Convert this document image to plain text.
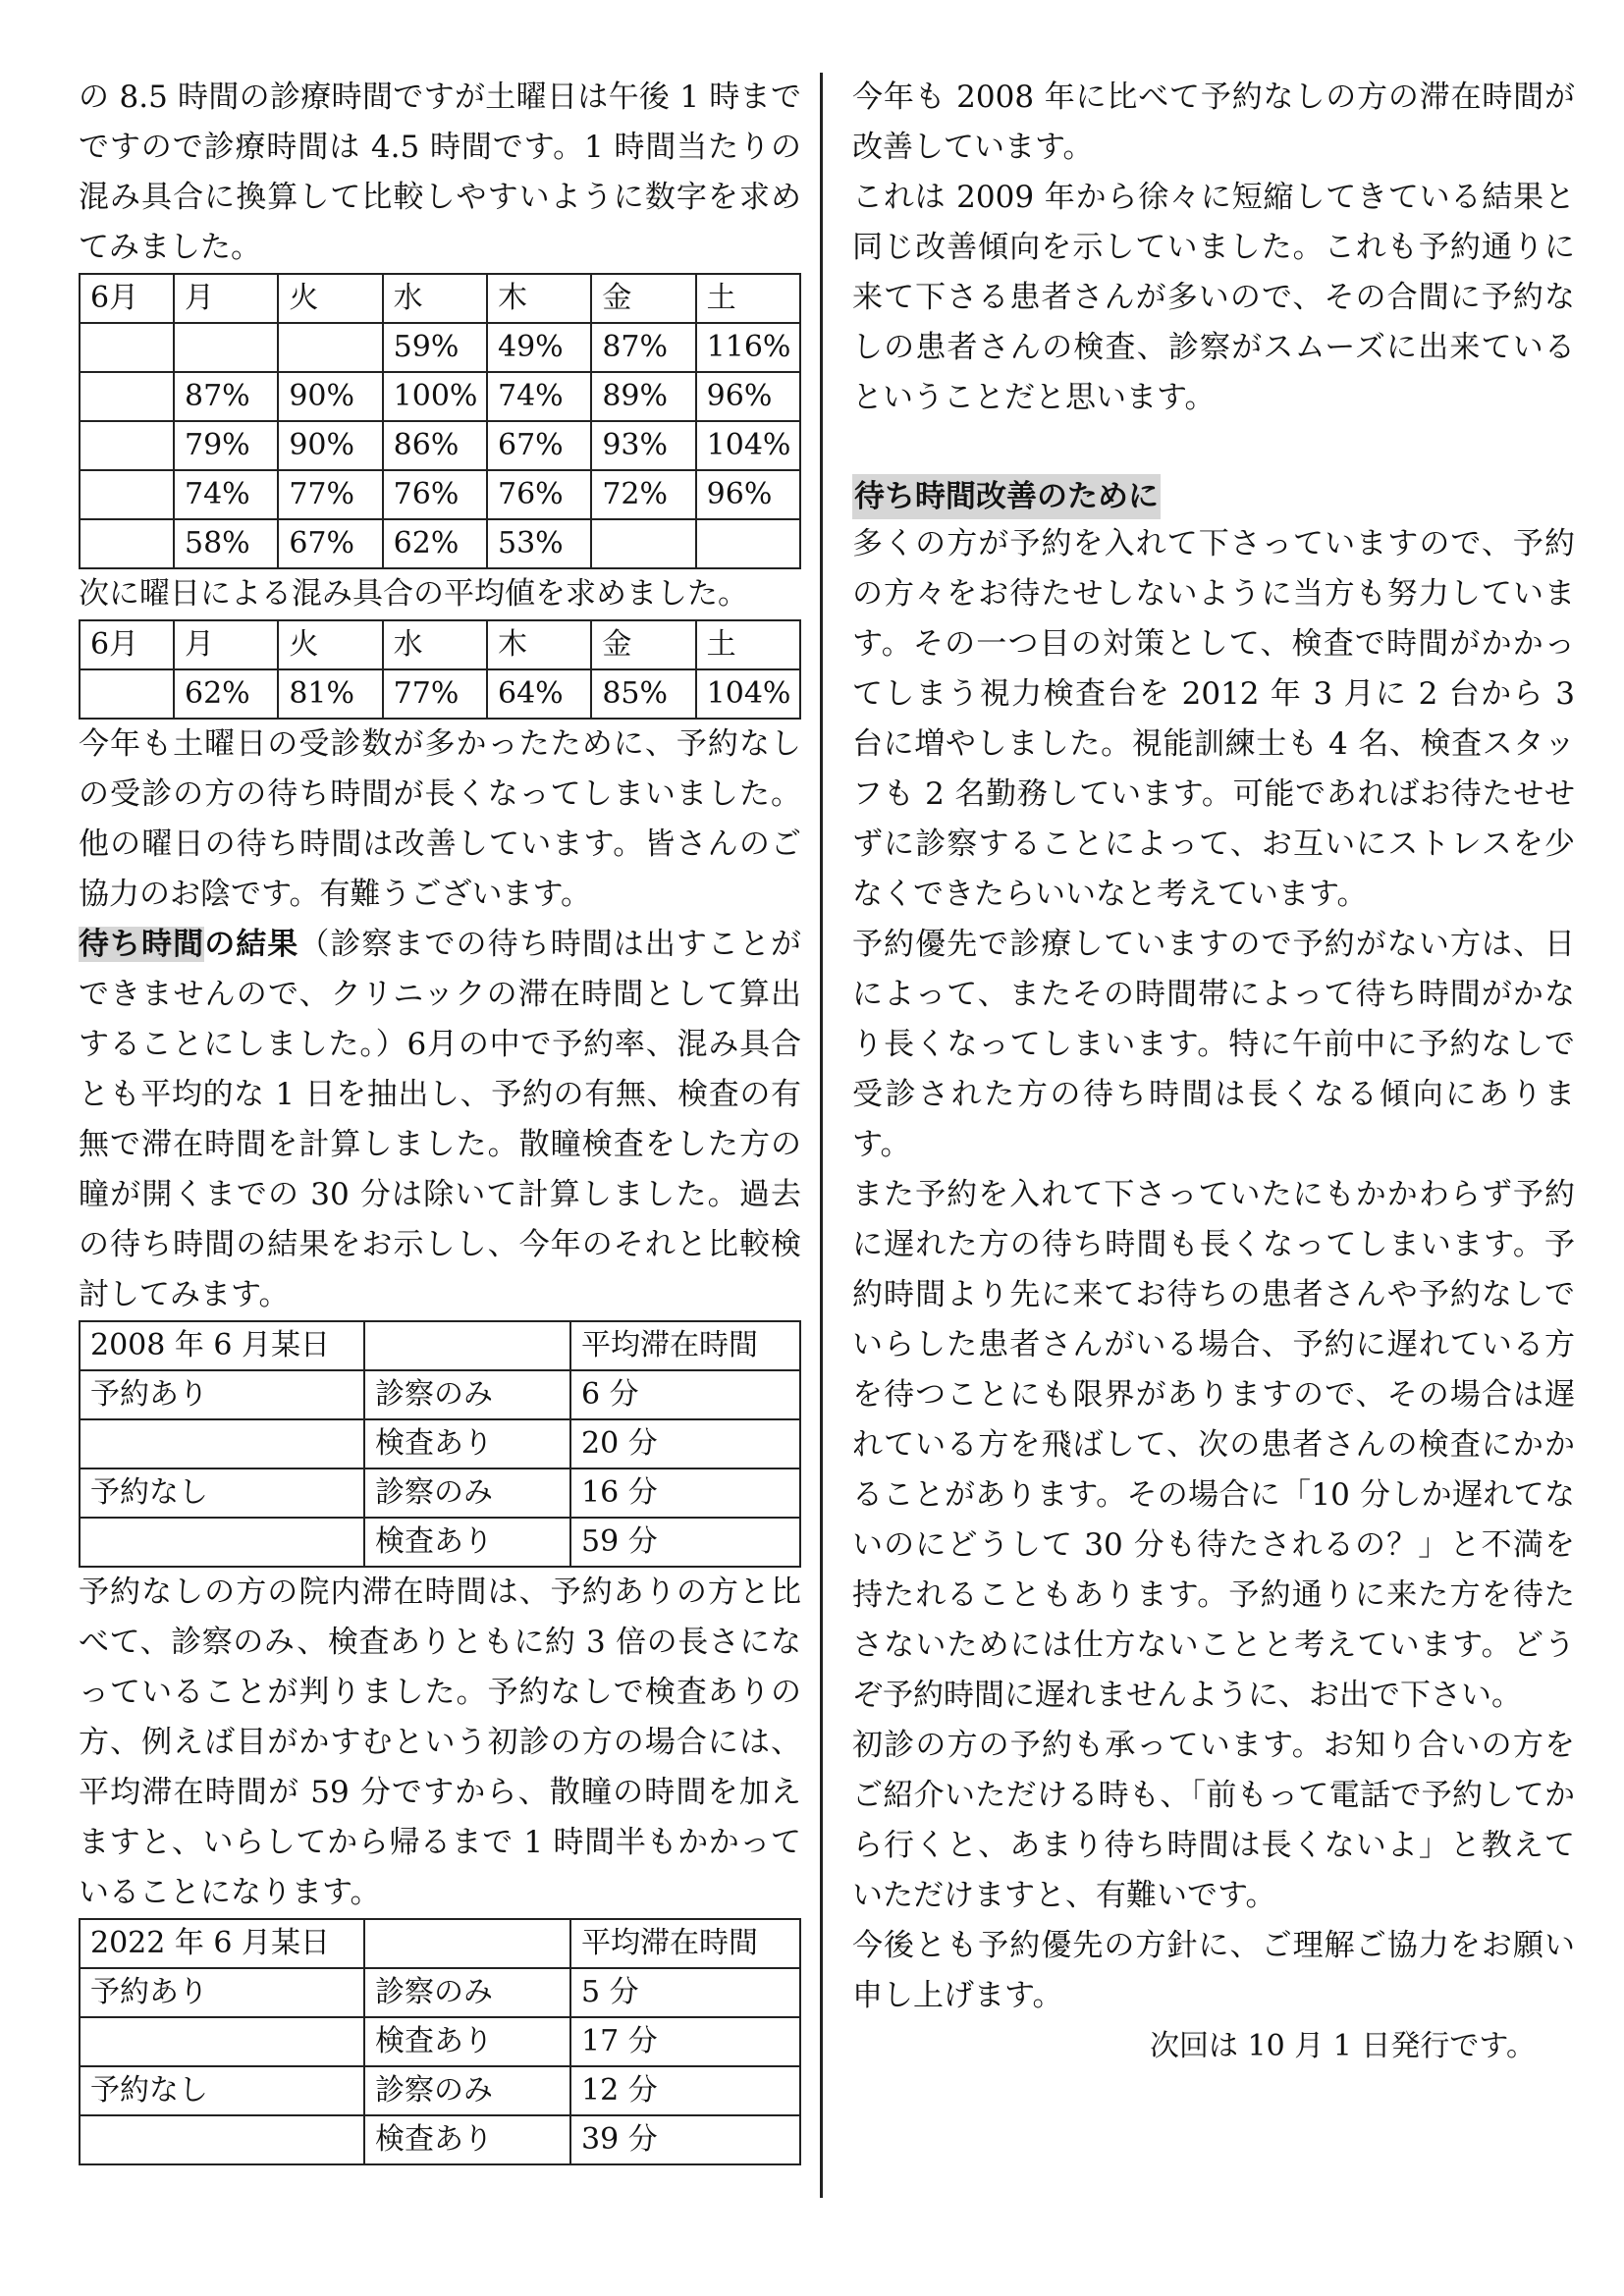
の 8.5 時間の診療時間ですが土曜日は午後 1 時までですので診療時間は 4.5 時間です。1 時間当たりの混み具合に換算して比較しやすいように数字を求めてみました。

6月	月	火	水	木	金	土
			59%	49%	87%	116%
	87%	90%	100%	74%	89%	96%
	79%	90%	86%	67%	93%	104%
	74%	77%	76%	76%	72%	96%
	58%	67%	62%	53%		

次に曜日による混み具合の平均値を求めました。

6月	月	火	水	木	金	土
	62%	81%	77%	64%	85%	104%

今年も土曜日の受診数が多かったために、予約なしの受診の方の待ち時間が長くなってしまいました。他の曜日の待ち時間は改善しています。皆さんのご協力のお陰です。有難うございます。

待ち時間の結果（診察までの待ち時間は出すことができませんので、クリニックの滞在時間として算出することにしました。）6月の中で予約率、混み具合とも平均的な 1 日を抽出し、予約の有無、検査の有無で滞在時間を計算しました。散瞳検査をした方の瞳が開くまでの 30 分は除いて計算しました。過去の待ち時間の結果をお示しし、今年のそれと比較検討してみます。

2008 年 6 月某日		平均滞在時間
予約あり	診察のみ	6 分
	検査あり	20 分
予約なし	診察のみ	16 分
	検査あり	59 分

予約なしの方の院内滞在時間は、予約ありの方と比べて、診察のみ、検査ありともに約 3 倍の長さになっていることが判りました。予約なしで検査ありの方、例えば目がかすむという初診の方の場合には、平均滞在時間が 59 分ですから、散瞳の時間を加えますと、いらしてから帰るまで 1 時間半もかかっていることになります。

2022 年 6 月某日		平均滞在時間
予約あり	診察のみ	5 分
	検査あり	17 分
予約なし	診察のみ	12 分
	検査あり	39 分

今年も 2008 年に比べて予約なしの方の滞在時間が改善しています。

これは 2009 年から徐々に短縮してきている結果と同じ改善傾向を示していました。これも予約通りに来て下さる患者さんが多いので、その合間に予約なしの患者さんの検査、診察がスムーズに出来ているということだと思います。

待ち時間改善のために

多くの方が予約を入れて下さっていますので、予約の方々をお待たせしないように当方も努力しています。その一つ目の対策として、検査で時間がかかってしまう視力検査台を 2012 年 3 月に 2 台から 3 台に増やしました。視能訓練士も 4 名、検査スタッフも 2 名勤務しています。可能であればお待たせせずに診察することによって、お互いにストレスを少なくできたらいいなと考えています。

予約優先で診療していますので予約がない方は、日によって、またその時間帯によって待ち時間がかなり長くなってしまいます。特に午前中に予約なしで受診された方の待ち時間は長くなる傾向にあります。

また予約を入れて下さっていたにもかかわらず予約に遅れた方の待ち時間も長くなってしまいます。予約時間より先に来てお待ちの患者さんや予約なしでいらした患者さんがいる場合、予約に遅れている方を待つことにも限界がありますので、その場合は遅れている方を飛ばして、次の患者さんの検査にかかることがあります。その場合に「10 分しか遅れてないのにどうして 30 分も待たされるの？」と不満を持たれることもあります。予約通りに来た方を待たさないためには仕方ないことと考えています。どうぞ予約時間に遅れませんように、お出で下さい。

初診の方の予約も承っています。お知り合いの方をご紹介いただける時も、「前もって電話で予約してから行くと、あまり待ち時間は長くないよ」と教えていただけますと、有難いです。

今後とも予約優先の方針に、ご理解ご協力をお願い申し上げます。

次回は 10 月 1 日発行です。
